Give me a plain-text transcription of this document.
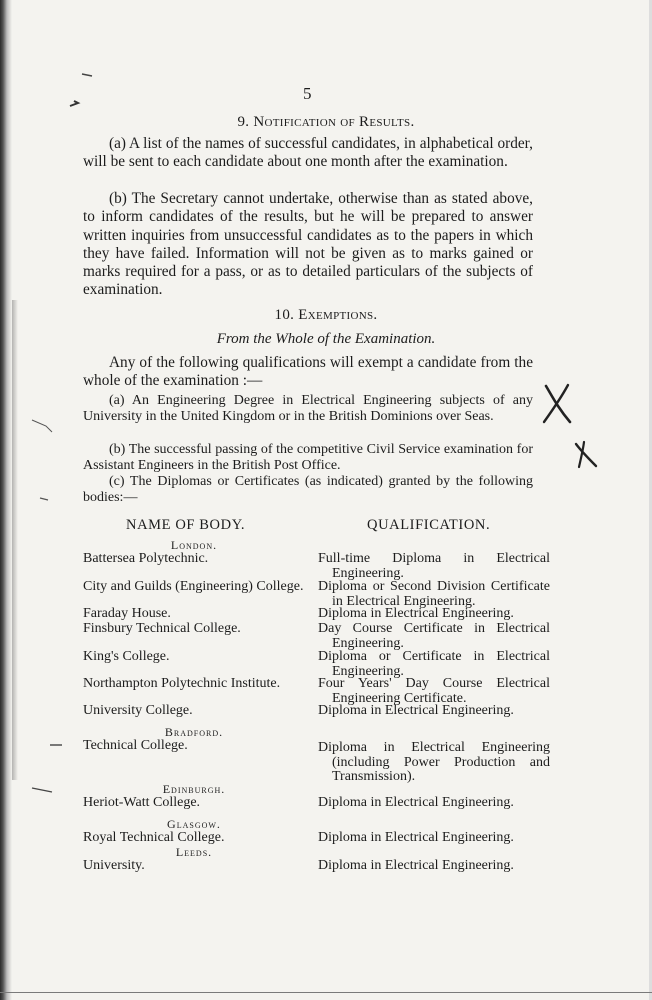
5
9. Notification of Results.

(a) A list of the names of successful candidates, in alphabetical order, will be sent to each candidate about one month after the examination.

(b) The Secretary cannot undertake, otherwise than as stated above, to inform candidates of the results, but he will be prepared to answer written inquiries from unsuccessful candidates as to the papers in which they have failed. Information will not be given as to marks gained or marks required for a pass, or as to detailed particulars of the subjects of examination.

10. Exemptions.
From the Whole of the Examination.

Any of the following qualifications will exempt a candidate from the whole of the examination :—

(a) An Engineering Degree in Electrical Engineering subjects of any University in the United Kingdom or in the British Dominions over Seas.

(b) The successful passing of the competitive Civil Service examination for Assistant Engineers in the British Post Office.

(c) The Diplomas or Certificates (as indicated) granted by the following bodies:—

NAME OF BODY.	QUALIFICATION.
London.

Battersea Polytechnic.	Full-time Diploma in Electrical Engineering.

City and Guilds (Engineering) College.	Diploma or Second Division Certificate in Electrical Engineering.

Faraday House.	Diploma in Electrical Engineering.

Finsbury Technical College.	Day Course Certificate in Electrical Engineering.

King's College.	Diploma or Certificate in Electrical Engineering.

Northampton Polytechnic Institute.	Four Years' Day Course Electrical Engineering Certificate.

University College.	Diploma in Electrical Engineering.

Bradford.

Technical College.	Diploma in Electrical Engineering (including Power Production and Transmission).

Edinburgh.

Heriot-Watt College.	Diploma in Electrical Engineering.

Glasgow.

Royal Technical College.	Diploma in Electrical Engineering.

Leeds.

University.	Diploma in Electrical Engineering.
